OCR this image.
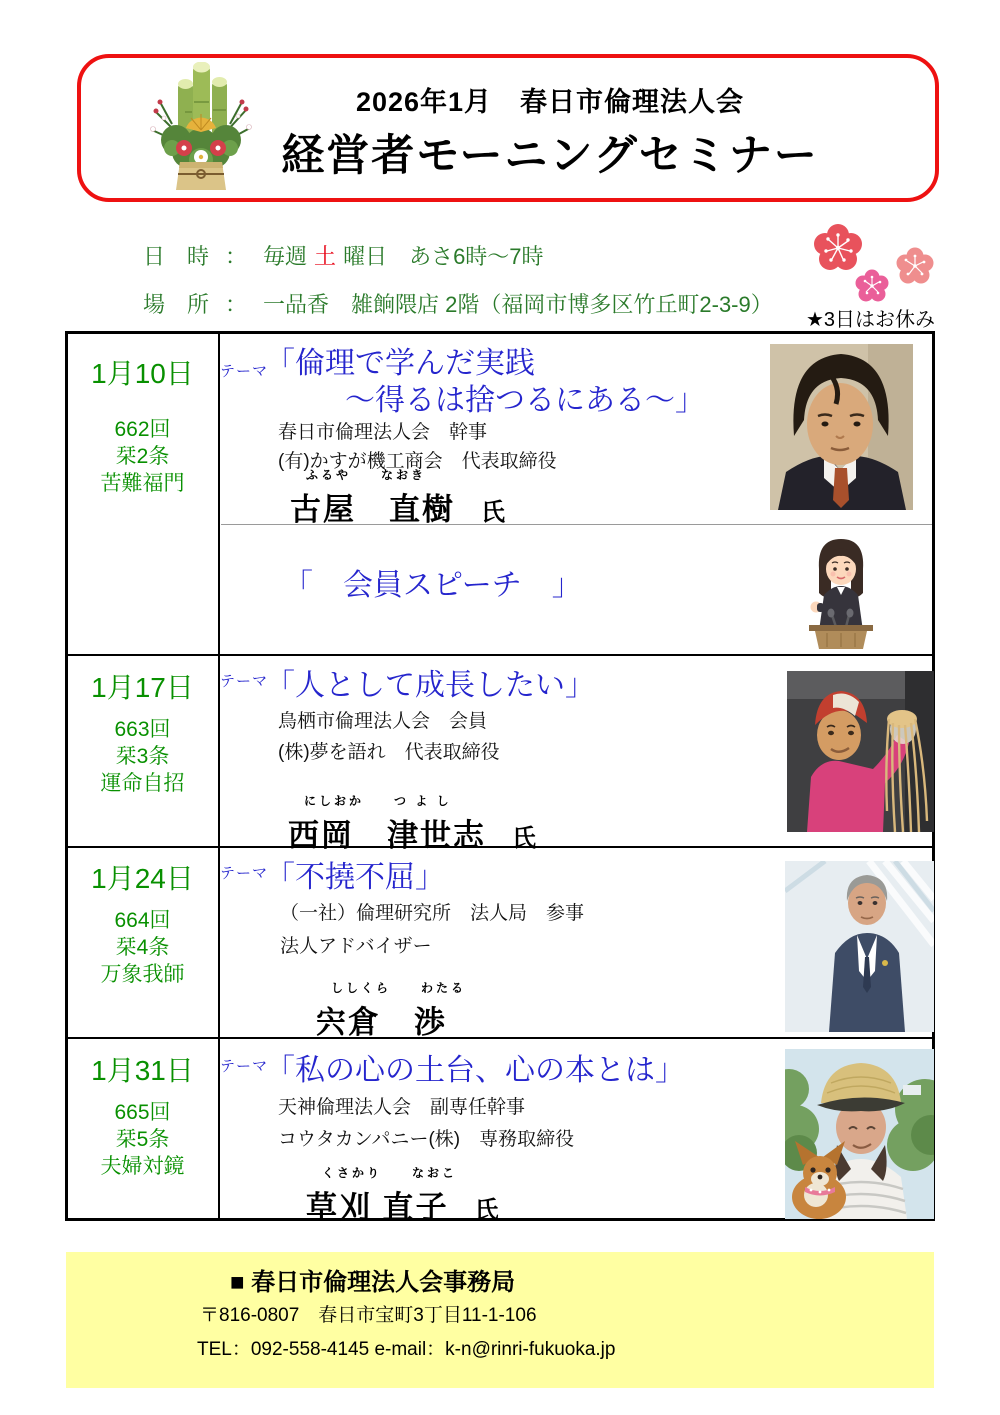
2026年1月　春日市倫理法人会
経営者モーニングセミナー
日　時 ： 毎週 土 曜日　あさ6時～7時
場　所 ： 一品香　雑餉隈店 2階（福岡市博多区竹丘町2-3-9）
★3日はお休み
1月10日
662回
栞2条
苦難福門
テーマ
「倫理で学んだ実践
～得るは捨つるにある～」
春日市倫理法人会　幹事
(有)かすが機工商会　代表取締役
ふるや　　なおき
古屋　直樹 氏
「　会員スピーチ　」
1月17日
663回
栞3条
運命自招
テーマ
「人として成長したい」
鳥栖市倫理法人会　会員
(株)夢を語れ　代表取締役
にしおか　　つ よ し
西岡　津世志 氏
1月24日
664回
栞4条
万象我師
テーマ
「不撓不屈」
（一社）倫理研究所　法人局　参事
法人アドバイザー
ししくら　　わたる
宍倉　渉
1月31日
665回
栞5条
夫婦対鏡
テーマ
「私の心の土台、心の本とは」
天神倫理法人会　副専任幹事
コウタカンパニー(株)　専務取締役
くさかり　　なおこ
草刈 直子 氏
■ 春日市倫理法人会事務局
〒816-0807　春日市宝町3丁目11-1-106
TEL：092-558-4145 e-mail：k-n@rinri-fukuoka.jp
